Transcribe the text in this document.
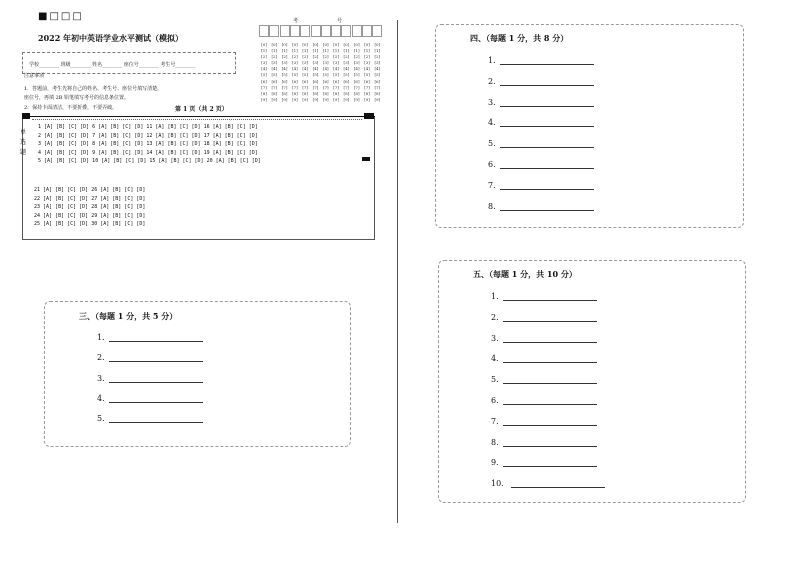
■□□□
2022 年初中英语学业水平测试（模拟）
学校________ 班级________ 姓名________ 座位号________ 考生号________
注意事项
1．答题前，考生先将自己的姓名、考生号、座位号填写清楚，
座位号，再填 2B 铅笔填写考号的信息条位置。
2．保持卡面清洁，不要折叠，不要弄破。
考	号
[0]
[1]
[2]
[3]
[4]
[5]
[6]
[7]
[8]
[9]
[0]
[1]
[2]
[3]
[4]
[5]
[6]
[7]
[8]
[9]
[0]
[1]
[2]
[3]
[4]
[5]
[6]
[7]
[8]
[9]
[0]
[1]
[2]
[3]
[4]
[5]
[6]
[7]
[8]
[9]
[0]
[1]
[2]
[3]
[4]
[5]
[6]
[7]
[8]
[9]
[0]
[1]
[2]
[3]
[4]
[5]
[6]
[7]
[8]
[9]
[0]
[1]
[2]
[3]
[4]
[5]
[6]
[7]
[8]
[9]
[0]
[1]
[2]
[3]
[4]
[5]
[6]
[7]
[8]
[9]
[0]
[1]
[2]
[3]
[4]
[5]
[6]
[7]
[8]
[9]
[0]
[1]
[2]
[3]
[4]
[5]
[6]
[7]
[8]
[9]
[0]
[1]
[2]
[3]
[4]
[5]
[6]
[7]
[8]
[9]
[0]
[1]
[2]
[3]
[4]
[5]
[6]
[7]
[8]
[9]
第 1 页（共 2 页）
单选题
1 [A] [B] [C] [D] 6 [A] [B] [C] [D] 11 [A] [B] [C] [D] 16 [A] [B] [C] [D]
2 [A] [B] [C] [D] 7 [A] [B] [C] [D] 12 [A] [B] [C] [D] 17 [A] [B] [C] [D]
3 [A] [B] [C] [D] 8 [A] [B] [C] [D] 13 [A] [B] [C] [D] 18 [A] [B] [C] [D]
4 [A] [B] [C] [D] 9 [A] [B] [C] [D] 14 [A] [B] [C] [D] 19 [A] [B] [C] [D]
5 [A] [B] [C] [D] 10 [A] [B] [C] [D] 15 [A] [B] [C] [D] 20 [A] [B] [C] [D]
21 [A] [B] [C] [D] 26 [A] [B] [C] [D]
22 [A] [B] [C] [D] 27 [A] [B] [C] [D]
23 [A] [B] [C] [D] 28 [A] [B] [C] [D]
24 [A] [B] [C] [D] 29 [A] [B] [C] [D]
25 [A] [B] [C] [D] 30 [A] [B] [C] [D]
三、（每题 1 分，共 5 分）
1.
2.
3.
4.
5.
四、（每题 1 分，共 8 分）
1.
2.
3.
4.
5.
6.
7.
8.
五、（每题 1 分，共 10 分）
1.
2.
3.
4.
5.
6.
7.
8.
9.
10.
